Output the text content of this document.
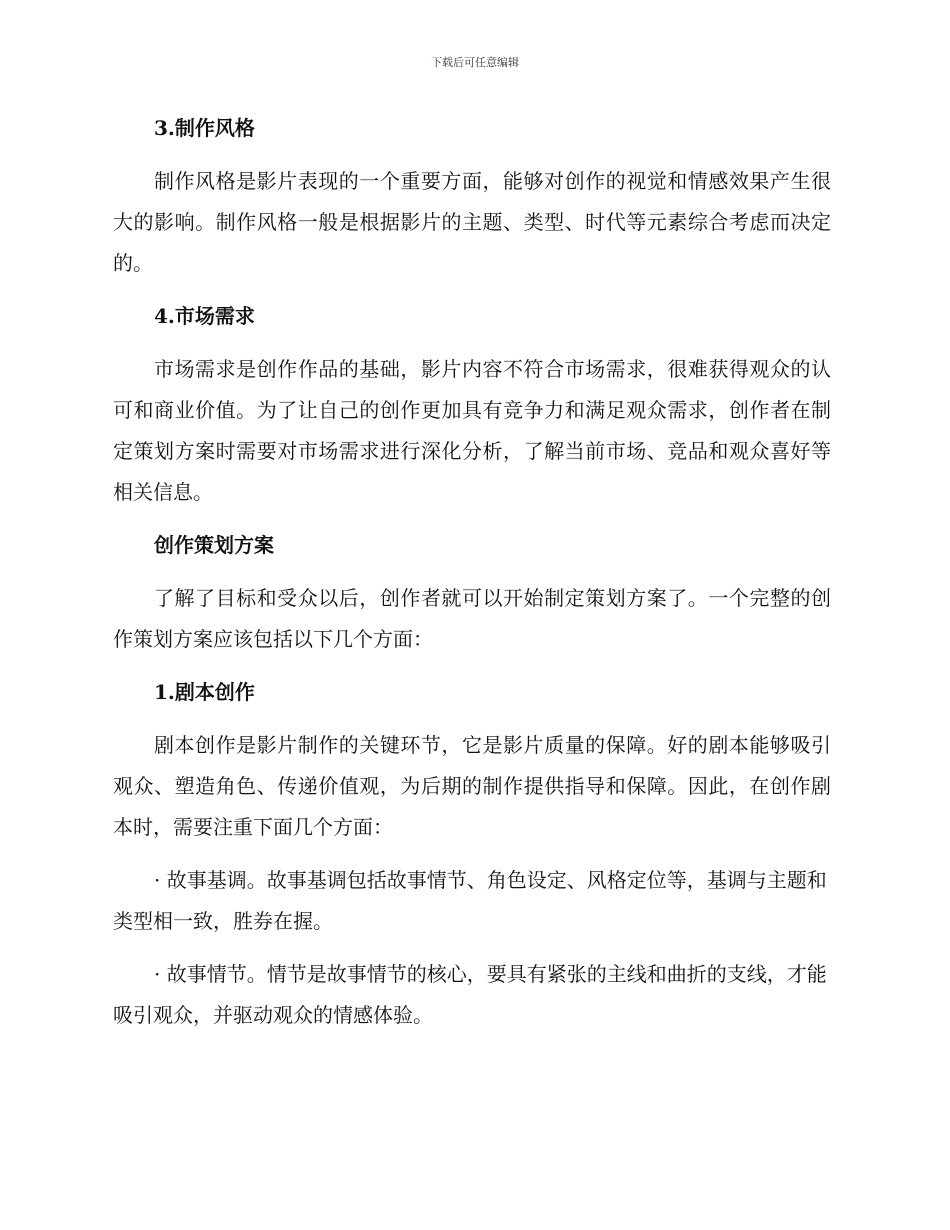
下载后可任意编辑
3.制作风格
制作风格是影片表现的一个重要方面，能够对创作的视觉和情感效果产生很大的影响。制作风格一般是根据影片的主题、类型、时代等元素综合考虑而决定的。
4.市场需求
市场需求是创作作品的基础，影片内容不符合市场需求，很难获得观众的认可和商业价值。为了让自己的创作更加具有竞争力和满足观众需求，创作者在制定策划方案时需要对市场需求进行深化分析，了解当前市场、竞品和观众喜好等相关信息。
创作策划方案
了解了目标和受众以后，创作者就可以开始制定策划方案了。一个完整的创作策划方案应该包括以下几个方面：
1.剧本创作
剧本创作是影片制作的关键环节，它是影片质量的保障。好的剧本能够吸引观众、塑造角色、传递价值观，为后期的制作提供指导和保障。因此，在创作剧本时，需要注重下面几个方面：
· 故事基调。故事基调包括故事情节、角色设定、风格定位等，基调与主题和类型相一致，胜券在握。
· 故事情节。情节是故事情节的核心，要具有紧张的主线和曲折的支线，才能吸引观众，并驱动观众的情感体验。
